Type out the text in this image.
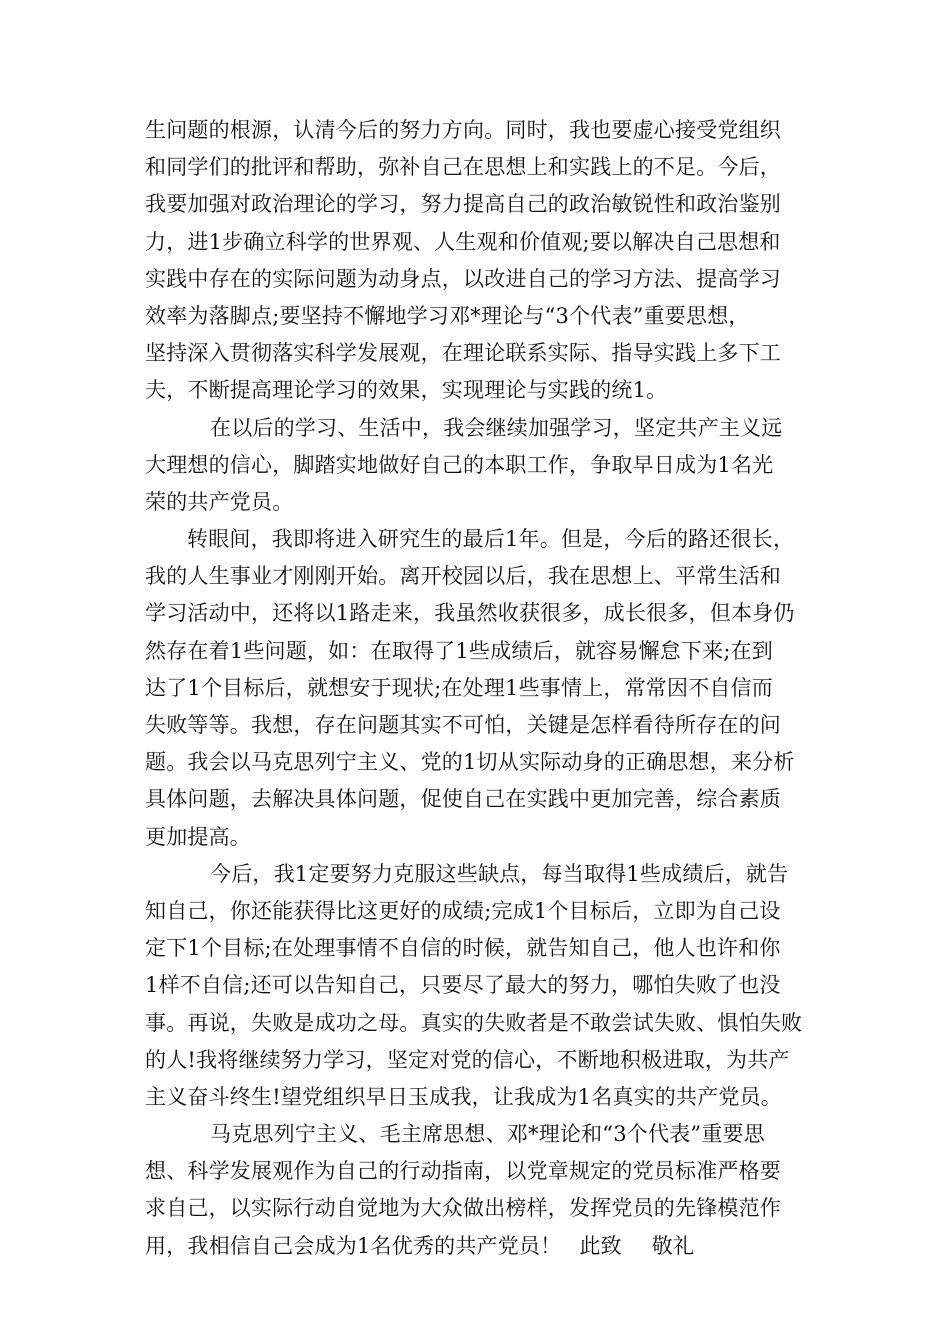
生问题的根源，认清今后的努力方向。同时，我也要虚心接受党组织
和同学们的批评和帮助，弥补自己在思想上和实践上的不足。今后，
我要加强对政治理论的学习，努力提高自己的政治敏锐性和政治鉴别
力，进1步确立科学的世界观、人生观和价值观;要以解决自己思想和
实践中存在的实际问题为动身点，以改进自己的学习方法、提高学习
效率为落脚点;要坚持不懈地学习邓*理论与“3个代表”重要思想，
坚持深入贯彻落实科学发展观，在理论联系实际、指导实践上多下工
夫，不断提高理论学习的效果，实现理论与实践的统1。
在以后的学习、生活中，我会继续加强学习，坚定共产主义远
大理想的信心，脚踏实地做好自己的本职工作，争取早日成为1名光
荣的共产党员。
转眼间，我即将进入研究生的最后1年。但是，今后的路还很长，
我的人生事业才刚刚开始。离开校园以后，我在思想上、平常生活和
学习活动中，还将以1路走来，我虽然收获很多，成长很多，但本身仍
然存在着1些问题，如：在取得了1些成绩后，就容易懈怠下来;在到
达了1个目标后，就想安于现状;在处理1些事情上，常常因不自信而
失败等等。我想，存在问题其实不可怕，关键是怎样看待所存在的问
题。我会以马克思列宁主义、党的1切从实际动身的正确思想，来分析
具体问题，去解决具体问题，促使自己在实践中更加完善，综合素质
更加提高。
今后，我1定要努力克服这些缺点，每当取得1些成绩后，就告
知自己，你还能获得比这更好的成绩;完成1个目标后，立即为自己设
定下1个目标;在处理事情不自信的时候，就告知自己，他人也许和你
1样不自信;还可以告知自己，只要尽了最大的努力，哪怕失败了也没
事。再说，失败是成功之母。真实的失败者是不敢尝试失败、惧怕失败
的人!我将继续努力学习，坚定对党的信心，不断地积极进取，为共产
主义奋斗终生!望党组织早日玉成我，让我成为1名真实的共产党员。
马克思列宁主义、毛主席思想、邓*理论和“3个代表”重要思
想、科学发展观作为自己的行动指南，以党章规定的党员标准严格要
求自己，以实际行动自觉地为大众做出榜样，发挥党员的先锋模范作
用，我相信自己会成为1名优秀的共产党员！ 此致 敬礼
